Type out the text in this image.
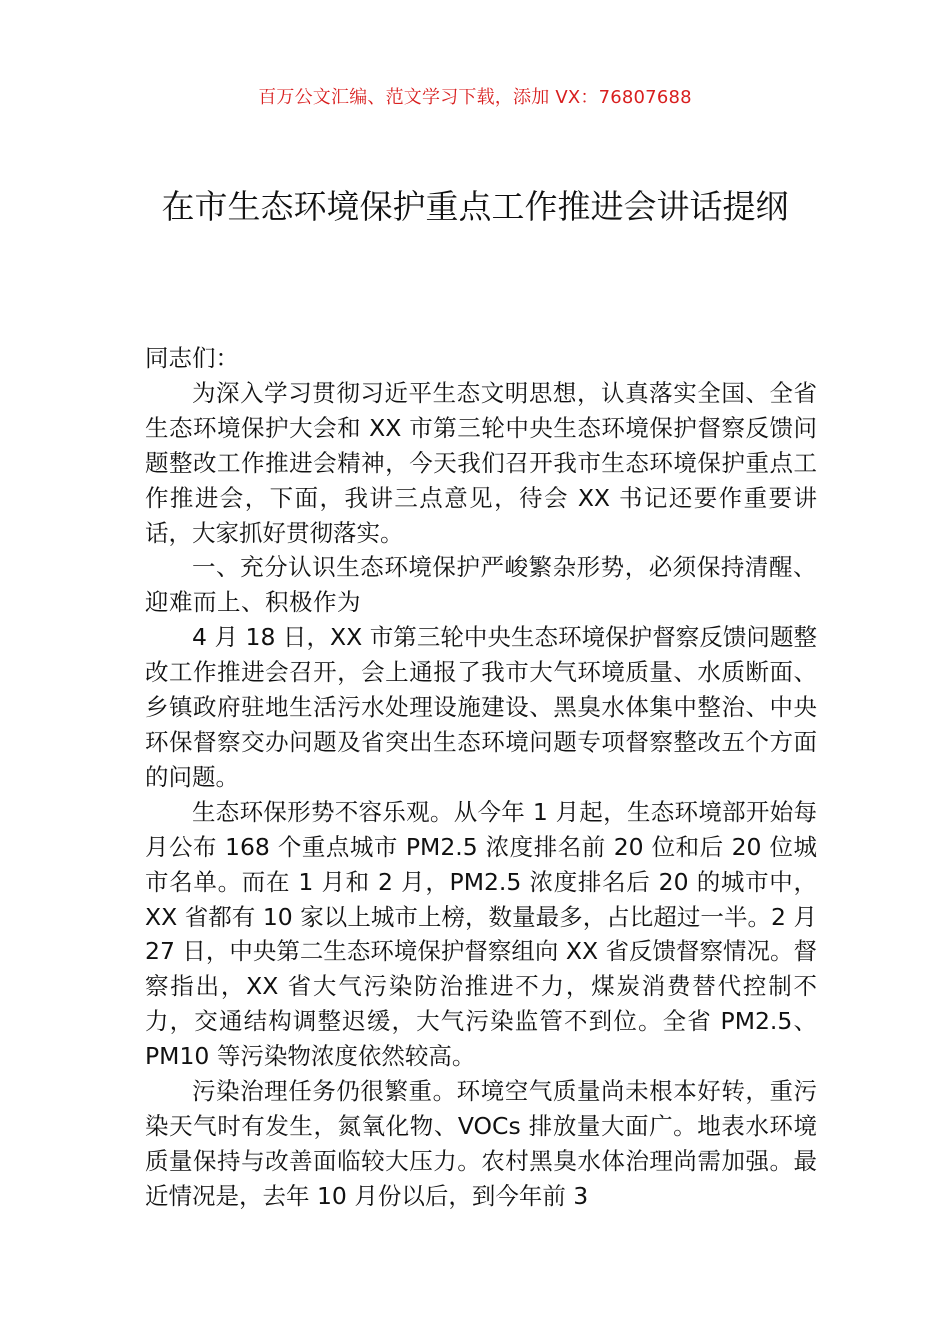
百万公文汇编、范文学习下载，添加 VX：76807688
在市生态环境保护重点工作推进会讲话提纲

同志们：

为深入学习贯彻习近平生态文明思想，认真落实全国、全省生态环境保护大会和 XX 市第三轮中央生态环境保护督察反馈问题整改工作推进会精神，今天我们召开我市生态环境保护重点工作推进会，下面，我讲三点意见，待会 XX 书记还要作重要讲话，大家抓好贯彻落实。

一、充分认识生态环境保护严峻繁杂形势，必须保持清醒、迎难而上、积极作为

4 月 18 日，XX 市第三轮中央生态环境保护督察反馈问题整改工作推进会召开，会上通报了我市大气环境质量、水质断面、乡镇政府驻地生活污水处理设施建设、黑臭水体集中整治、中央环保督察交办问题及省突出生态环境问题专项督察整改五个方面的问题。

生态环保形势不容乐观。从今年 1 月起，生态环境部开始每月公布 168 个重点城市 PM2.5 浓度排名前 20 位和后 20 位城市名单。而在 1 月和 2 月，PM2.5 浓度排名后 20 的城市中，XX 省都有 10 家以上城市上榜，数量最多，占比超过一半。2 月 27 日，中央第二生态环境保护督察组向 XX 省反馈督察情况。督察指出，XX 省大气污染防治推进不力，煤炭消费替代控制不力，交通结构调整迟缓，大气污染监管不到位。全省 PM2.5、PM10 等污染物浓度依然较高。

污染治理任务仍很繁重。环境空气质量尚未根本好转，重污染天气时有发生，氮氧化物、VOCs 排放量大面广。地表水环境质量保持与改善面临较大压力。农村黑臭水体治理尚需加强。最近情况是，去年 10 月份以后，到今年前 3
